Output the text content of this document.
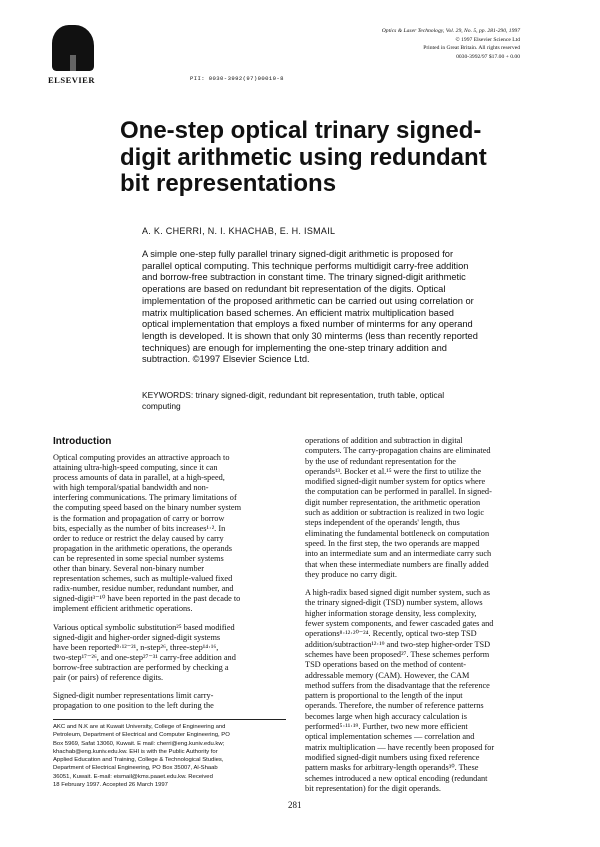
ELSEVIER
Optics & Laser Technology, Vol. 29, No. 5, pp. 281-290, 1997
© 1997 Elsevier Science Ltd
Printed in Great Britain. All rights reserved
0030-3992/97 $17.00 + 0.00
PII: 0030-3992(97)00010-8
One-step optical trinary signed-
digit arithmetic using redundant
bit representations
A. K. CHERRI, N. I. KHACHAB, E. H. ISMAIL
A simple one-step fully parallel trinary signed-digit arithmetic is proposed for
parallel optical computing. This technique performs multidigit carry-free addition
and borrow-free subtraction in constant time. The trinary signed-digit arithmetic
operations are based on redundant bit representation of the digits. Optical
implementation of the proposed arithmetic can be carried out using correlation or
matrix multiplication based schemes. An efficient matrix multiplication based
optical implementation that employs a fixed number of minterms for any operand
length is developed. It is shown that only 30 minterms (less than recently reported
techniques) are enough for implementing the one-step trinary addition and
subtraction. ©1997 Elsevier Science Ltd.
KEYWORDS: trinary signed-digit, redundant bit representation, truth table, optical
computing
Introduction
Optical computing provides an attractive approach to
attaining ultra-high-speed computing, since it can
process amounts of data in parallel, at a high-speed,
with high temporal/spatial bandwidth and non-
interfering communications. The primary limitations of
the computing speed based on the binary number system
is the formation and propagation of carry or borrow
bits, especially as the number of bits increases¹·². In
order to reduce or restrict the delay caused by carry
propagation in the arithmetic operations, the operands
can be represented in some special number systems
other than binary. Several non-binary number
representation schemes, such as multiple-valued fixed
radix-number, residue number, redundant number, and
signed-digit³⁻¹⁰ have been reported in the past decade to
implement efficient arithmetic operations.
Various optical symbolic substitution²⁵ based modified
signed-digit and higher-order signed-digit systems
have been reported⁸·¹²⁻²¹, n-step²⁶, three-step¹⁴·¹⁶,
two-step¹⁷⁻²⁶, and one-step²⁷⁻³¹ carry-free addition and
borrow-free subtraction are performed by checking a
pair (or pairs) of reference digits.
Signed-digit number representations limit carry-
propagation to one position to the left during the
operations of addition and subtraction in digital
computers. The carry-propagation chains are eliminated
by the use of redundant representation for the
operands¹³. Bocker et al.¹⁵ were the first to utilize the
modified signed-digit number system for optics where
the computation can be performed in parallel. In signed-
digit number representation, the arithmetic operation
such as addition or subtraction is realized in two logic
steps independent of the operands' length, thus
eliminating the fundamental bottleneck on computation
speed. In the first step, the two operands are mapped
into an intermediate sum and an intermediate carry such
that when these intermediate numbers are finally added
they produce no carry digit.
A high-radix based signed digit number system, such as
the trinary signed-digit (TSD) number system, allows
higher information storage density, less complexity,
fewer system components, and fewer cascaded gates and
operations⁸·¹²·²⁰⁻²⁴. Recently, optical two-step TSD
addition/subtraction¹²·¹⁹ and two-step higher-order TSD
schemes have been proposed²⁷. These schemes perform
TSD operations based on the method of content-
addressable memory (CAM). However, the CAM
method suffers from the disadvantage that the reference
pattern is proportional to the length of the input
operands. Therefore, the number of reference patterns
becomes large when high accuracy calculation is
performed⁵·¹¹·¹⁹. Further, two new more efficient
optical implementation schemes — correlation and
matrix multiplication — have recently been proposed for
modified signed-digit numbers using fixed reference
pattern masks for arbitrary-length operands³⁰. These
schemes introduced a new optical encoding (redundant
bit representation) for the digit operands.
AKC and N.K are at Kuwait University, College of Engineering and
Petroleum, Department of Electrical and Computer Engineering, PO
Box 5969, Safat 13060, Kuwait. E mail: cherri@eng.kuniv.edu.kw;
khachab@eng.kuniv.edu.kw. EHI is with the Public Authority for
Applied Education and Training, College & Technological Studies,
Department of Electrical Engineering, PO Box 35007, Al-Shaab
36051, Kuwait. E-mail: eismail@kms.paaet.edu.kw. Received
18 February 1997. Accepted 26 March 1997
281
